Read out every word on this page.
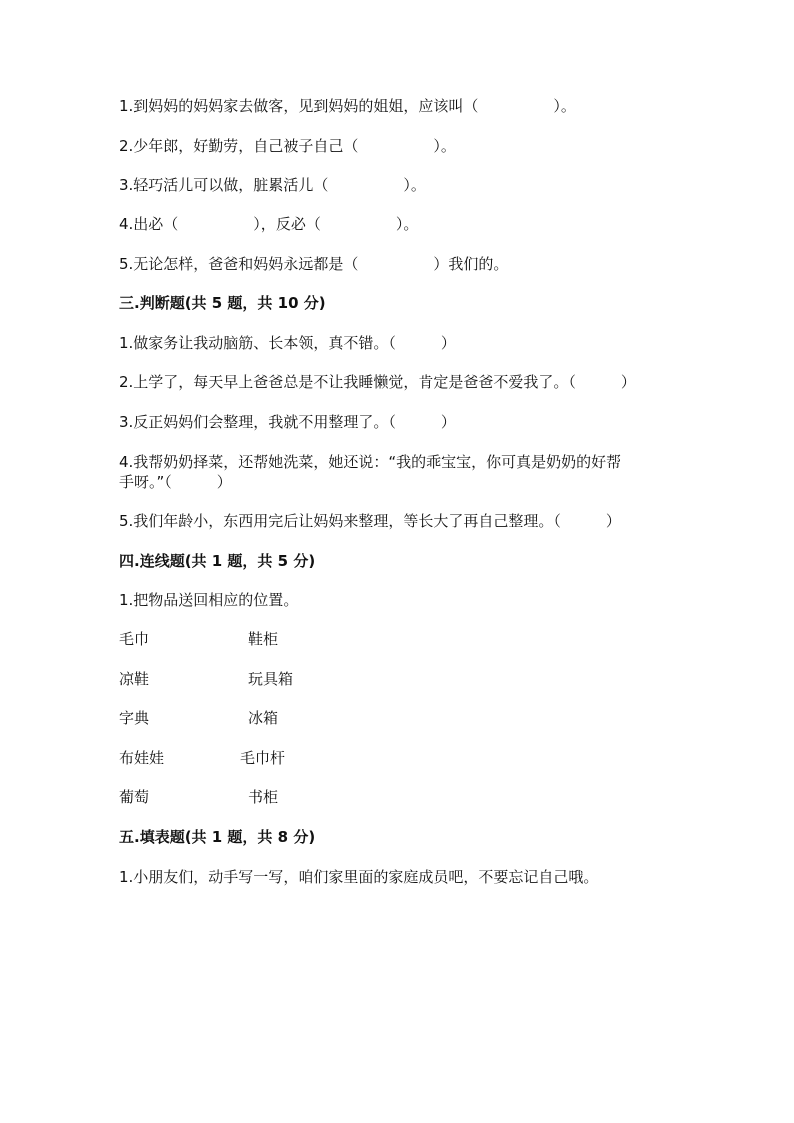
1.到妈妈的妈妈家去做客，见到妈妈的姐姐，应该叫（　　　　　）。
2.少年郎，好勤劳，自己被子自己（　　　　　）。
3.轻巧活儿可以做，脏累活儿（　　　　　）。
4.出必（　　　　　），反必（　　　　　）。
5.无论怎样，爸爸和妈妈永远都是（　　　　　）我们的。
三.判断题(共 5 题，共 10 分)
1.做家务让我动脑筋、长本领，真不错。（　　　）
2.上学了，每天早上爸爸总是不让我睡懒觉，肯定是爸爸不爱我了。（　　　）
3.反正妈妈们会整理，我就不用整理了。（　　　）
4.我帮奶奶择菜，还帮她洗菜，她还说：“我的乖宝宝，你可真是奶奶的好帮
手呀。”（　　　）
5.我们年龄小，东西用完后让妈妈来整理，等长大了再自己整理。（　　　）
四.连线题(共 1 题，共 5 分)
1.把物品送回相应的位置。
毛巾	鞋柜
凉鞋	玩具箱
字典	冰箱
布娃娃	毛巾杆
葡萄	书柜
五.填表题(共 1 题，共 8 分)
1.小朋友们，动手写一写，咱们家里面的家庭成员吧，不要忘记自己哦。
